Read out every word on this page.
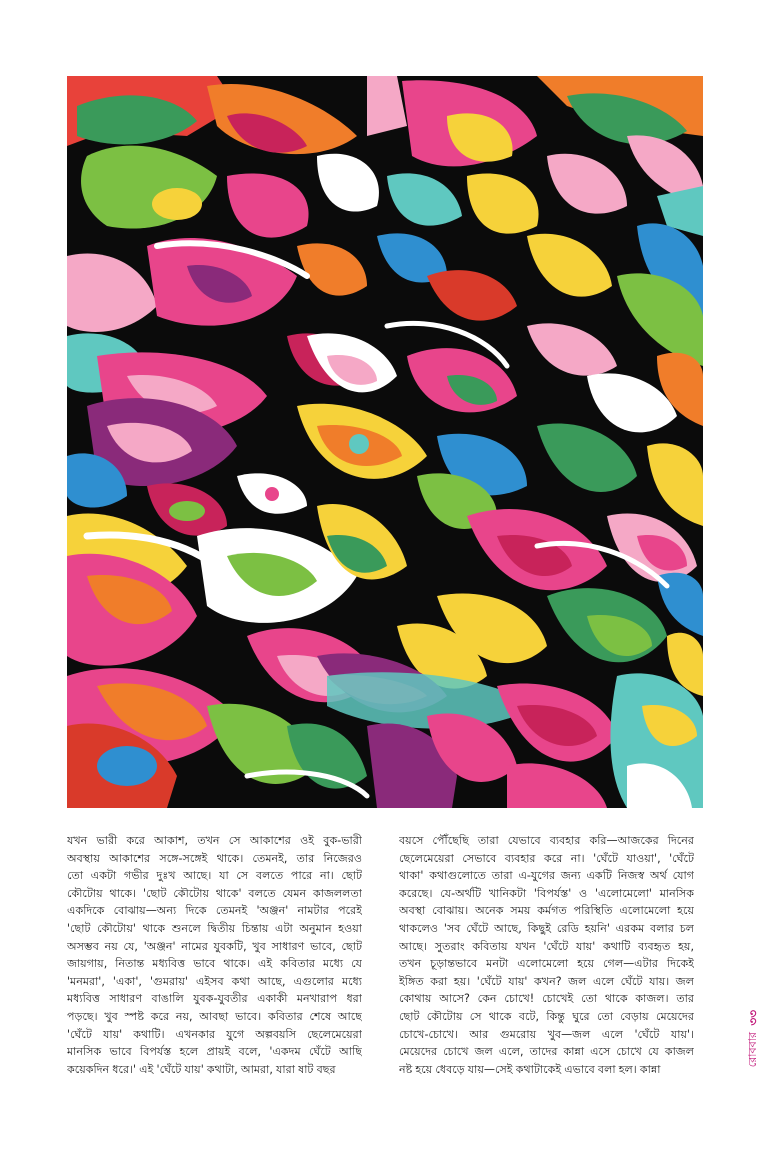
যখন ভারী করে আকাশ, তখন সে আকাশের ওই বুক-ভারী
অবস্থায় আকাশের সঙ্গে-সঙ্গেই থাকে। তেমনই, তার নিজেরও
তো একটা গভীর দুঃখ আছে। যা সে বলতে পারে না। ছোট
কৌটোয় থাকে। 'ছোট কৌটোয় থাকে' বলতে যেমন কাজললতা
একদিকে বোঝায়—অন্য দিকে তেমনই 'অঞ্জন' নামটার পরেই
'ছোট কৌটোয়' থাকে শুনলে দ্বিতীয় চিন্তায় এটা অনুমান হওয়া
অসম্ভব নয় যে, 'অঞ্জন' নামের যুবকটি, খুব সাধারণ ভাবে, ছোট
জায়গায়, নিতান্ত মধ্যবিত্ত ভাবে থাকে। এই কবিতার মধ্যে যে
'মনমরা', 'একা', 'গুমরায়' এইসব কথা আছে, এগুলোর মধ্যে
মধ্যবিত্ত সাধারণ বাঙালি যুবক-যুবতীর একাকী মনখারাপ ধরা
পড়ছে। খুব স্পষ্ট করে নয়, আবছা ভাবে। কবিতার শেষে আছে
'ঘেঁটে যায়' কথাটি। এখনকার যুগে অল্পবয়সি ছেলেমেয়েরা
মানসিক ভাবে বিপর্যস্ত হলে প্রায়ই বলে, 'একদম ঘেঁটে আছি
কয়েকদিন ধরে।' এই 'ঘেঁটে যায়' কথাটা, আমরা, যারা ষাট বছর
বয়সে পৌঁছেছি তারা যেভাবে ব্যবহার করি—আজকের দিনের
ছেলেমেয়েরা সেভাবে ব্যবহার করে না। 'ঘেঁটে যাওয়া', 'ঘেঁটে
থাকা' কথাগুলোতে তারা এ-যুগের জন্য একটি নিজস্ব অর্থ যোগ
করেছে। যে-অর্থটি খানিকটা 'বিপর্যস্ত' ও 'এলোমেলো' মানসিক
অবস্থা বোঝায়। অনেক সময় কর্মগত পরিস্থিতি এলোমেলো হয়ে
থাকলেও 'সব ঘেঁটে আছে, কিছুই রেডি হয়নি' এরকম বলার চল
আছে। সুতরাং কবিতায় যখন 'ঘেঁটে যায়' কথাটি ব্যবহৃত হয়,
তখন চূড়ান্তভাবে মনটা এলোমেলো হয়ে গেল—এটার দিকেই
ইঙ্গিত করা হয়। 'ঘেঁটে যায়' কখন? জল এলে ঘেঁটে যায়। জল
কোথায় আসে? কেন চোখে! চোখেই তো থাকে কাজল। তার
ছোট কৌটোয় সে থাকে বটে, কিন্তু ঘুরে তো বেড়ায় মেয়েদের
চোখে-চোখে। আর গুমরোয় খুব—জল এলে 'ঘেঁটে যায়'।
মেয়েদের চোখে জল এলে, তাদের কান্না এসে চোখে যে কাজল
নষ্ট হয়ে ধেবড়ে যায়—সেই কথাটাকেই এভাবে বলা হল। কান্না
৩৩
রোববার
